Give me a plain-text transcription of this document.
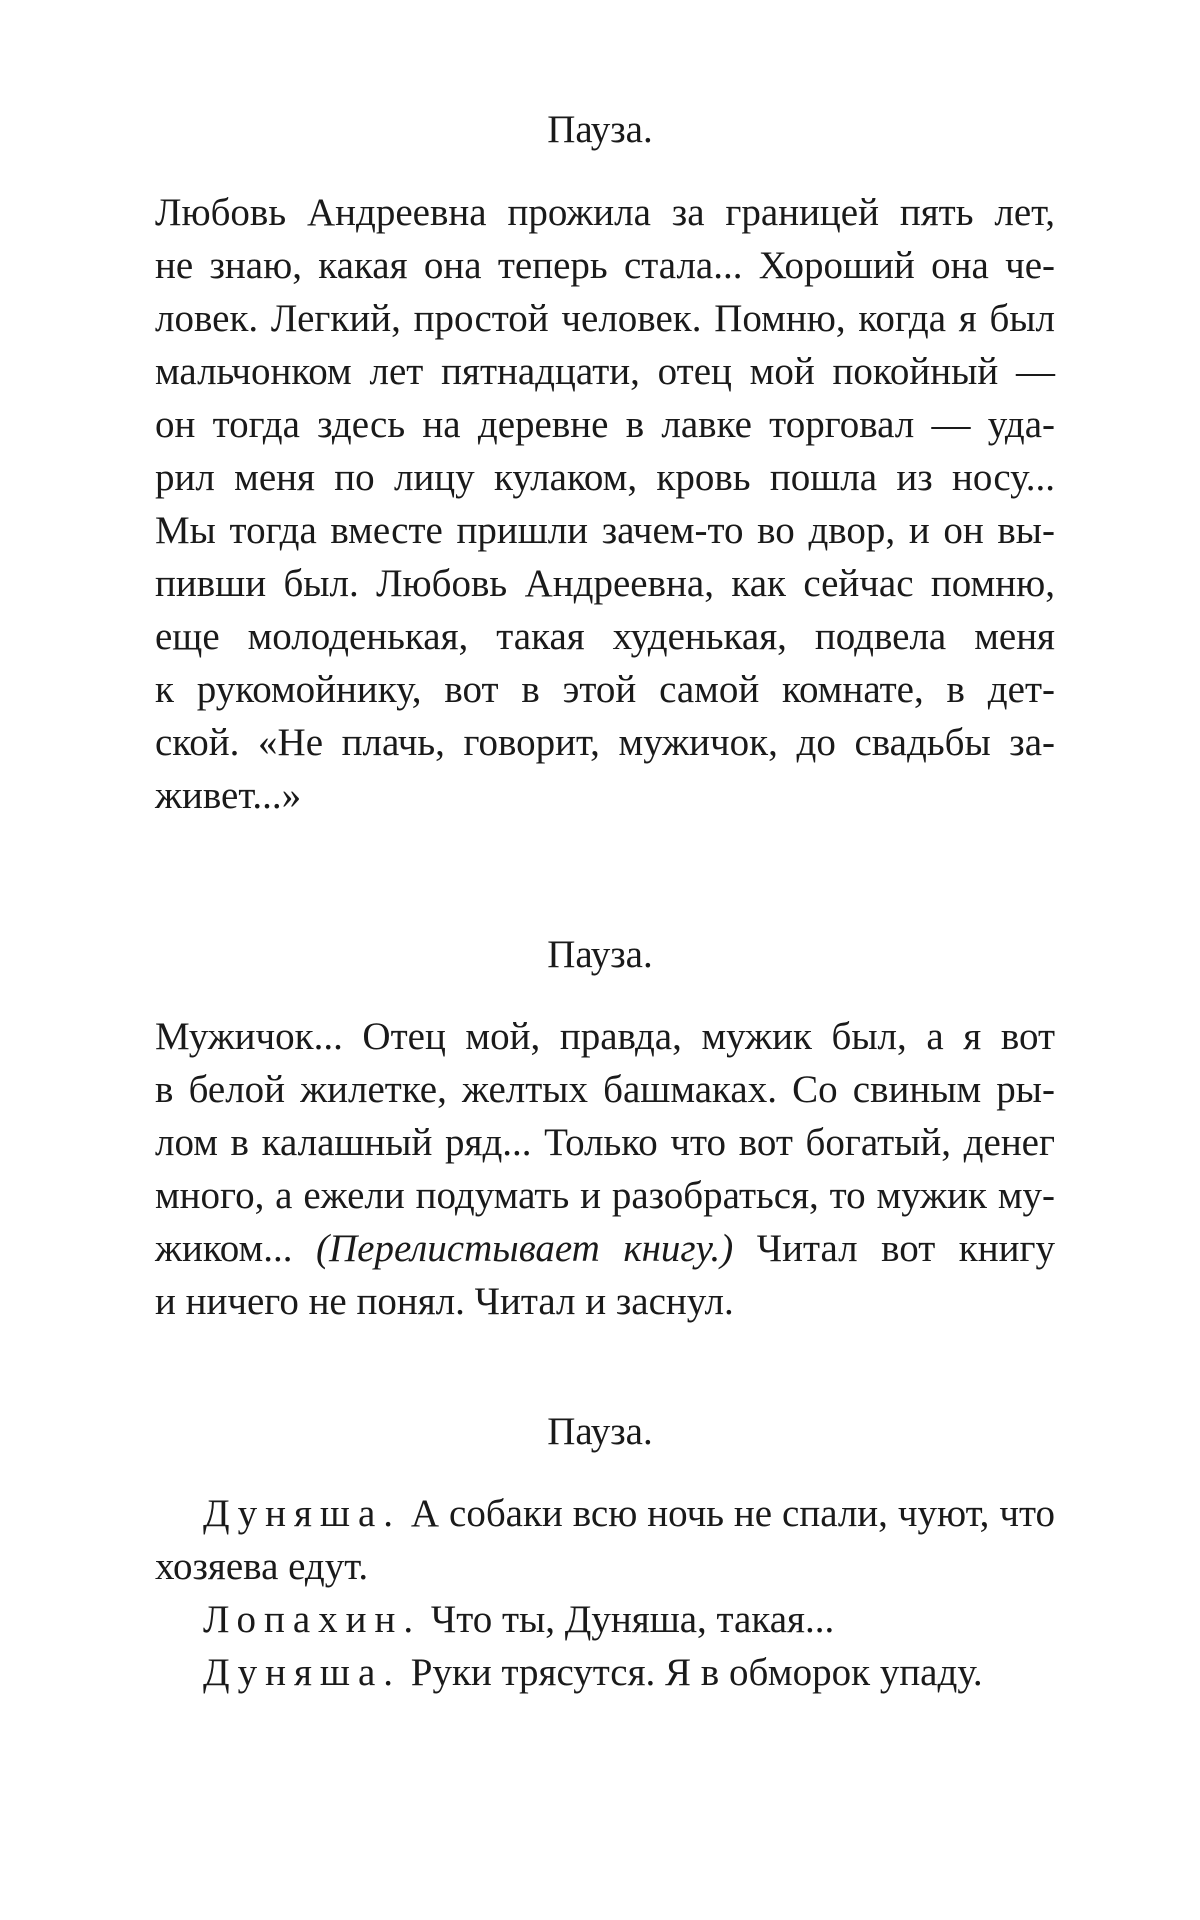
Пауза.

Любовь Андреевна прожила за границей пять лет,
не знаю, какая она теперь стала... Хороший она че-
ловек. Легкий, простой человек. Помню, когда я был
мальчонком лет пятнадцати, отец мой покойный —
он тогда здесь на деревне в лавке торговал — уда-
рил меня по лицу кулаком, кровь пошла из носу...
Мы тогда вместе пришли зачем-то во двор, и он вы-
пивши был. Любовь Андреевна, как сейчас помню,
еще молоденькая, такая худенькая, подвела меня
к рукомойнику, вот в этой самой комнате, в дет-
ской. «Не плачь, говорит, мужичок, до свадьбы за-
живет...»

Пауза.

Мужичок... Отец мой, правда, мужик был, а я вот
в белой жилетке, желтых башмаках. Со свиным ры-
лом в калашный ряд... Только что вот богатый, денег
много, а ежели подумать и разобраться, то мужик му-
жиком... (Перелистывает книгу.) Читал вот книгу
и ничего не понял. Читал и заснул.

Пауза.

Дуняша. А собаки всю ночь не спали, чуют, что
хозяева едут.
Лопахин. Что ты, Дуняша, такая...
Дуняша. Руки трясутся. Я в обморок упаду.
